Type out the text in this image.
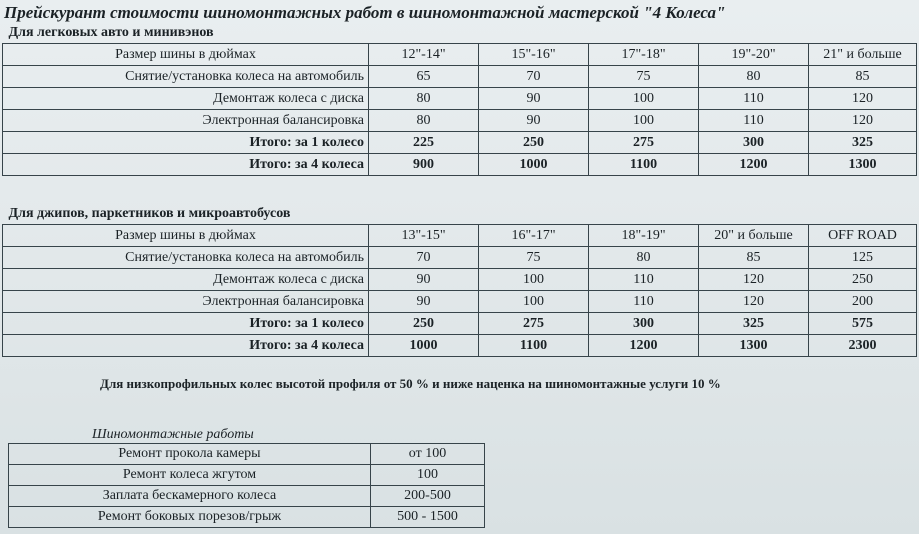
Прейскурант стоимости шиномонтажных работ в шиномонтажной мастерской "4 Колеса"
Для легковых авто и минивэнов					
Размер шины в дюймах	12"-14"	15"-16"	17"-18"	19"-20"	21" и больше
Снятие/установка колеса на автомобиль	65	70	75	80	85
Демонтаж колеса с диска	80	90	100	110	120
Электронная балансировка	80	90	100	110	120
Итого: за 1 колесо	225	250	275	300	325
Итого: за 4 колеса	900	1000	1100	1200	1300
Для джипов, паркетников и микроавтобусов					
Размер шины в дюймах	13"-15"	16"-17"	18"-19"	20" и больше	OFF ROAD
Снятие/установка колеса на автомобиль	70	75	80	85	125
Демонтаж колеса с диска	90	100	110	120	250
Электронная балансировка	90	100	110	120	200
Итого: за 1 колесо	250	275	300	325	575
Итого: за 4 колеса	1000	1100	1200	1300	2300
Для низкопрофильных колес высотой профиля от 50 % и ниже наценка на шиномонтажные услуги 10 %
Шиномонтажные работы
Ремонт прокола камеры	от 100
Ремонт колеса жгутом	100
Заплата бескамерного колеса	200-500
Ремонт боковых порезов/грыж	500 - 1500
